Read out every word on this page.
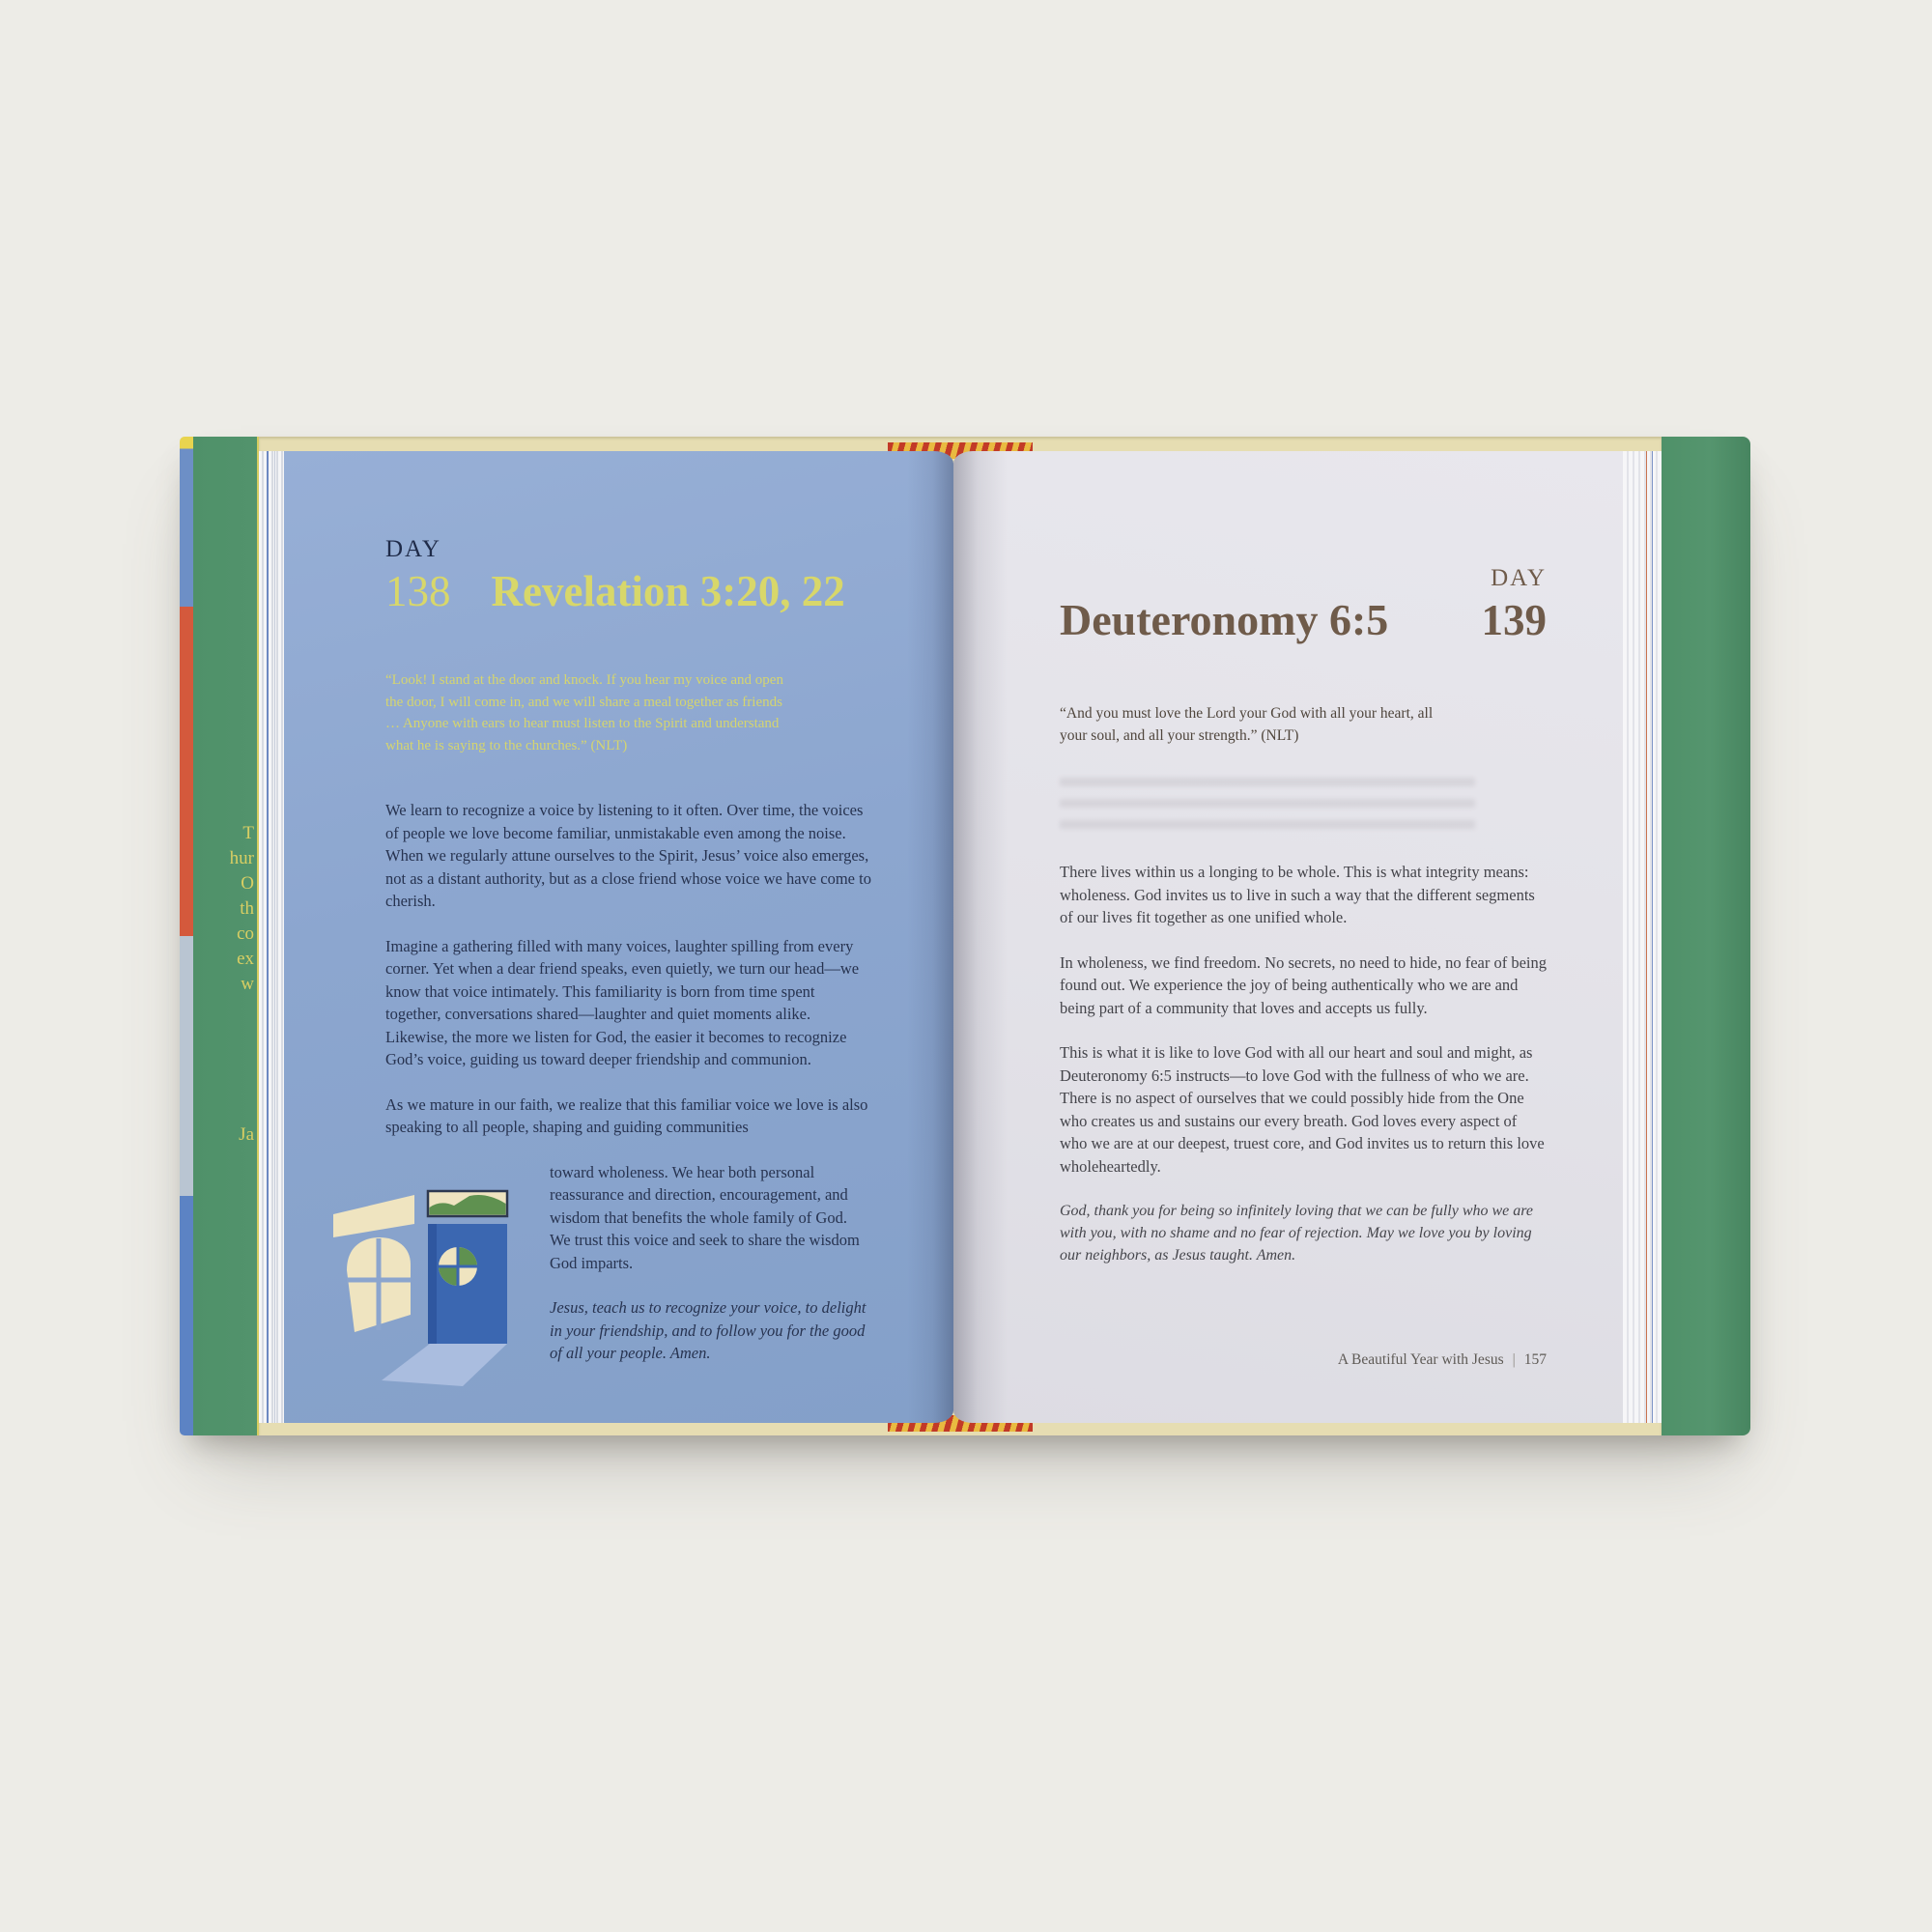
T
hur
O
th
co
ex
w
Ja
DAY
138 Revelation 3:20, 22

“Look! I stand at the door and knock. If you hear my voice and open the door, I will come in, and we will share a meal together as friends … Anyone with ears to hear must listen to the Spirit and understand what he is saying to the churches.” (NLT)

We learn to recognize a voice by listening to it often. Over time, the voices of people we love become familiar, unmistakable even among the noise. When we regularly attune ourselves to the Spirit, Jesus’ voice also emerges, not as a distant authority, but as a close friend whose voice we have come to cherish.

Imagine a gathering filled with many voices, laughter spilling from every corner. Yet when a dear friend speaks, even quietly, we turn our head—we know that voice intimately. This familiarity is born from time spent together, conversations shared—laughter and quiet moments alike. Likewise, the more we listen for God, the easier it becomes to recognize God’s voice, guiding us toward deeper friendship and communion.

As we mature in our faith, we realize that this familiar voice we love is also speaking to all people, shaping and guiding communities

toward wholeness. We hear both personal reassurance and direction, encouragement, and wisdom that benefits the whole family of God. We trust this voice and seek to share the wisdom God imparts.

Jesus, teach us to recognize your voice, to delight in your friendship, and to follow you for the good of all your people. Amen.

Deuteronomy 6:5
DAY
139

“And you must love the Lord your God with all your heart, all your soul, and all your strength.” (NLT)

There lives within us a longing to be whole. This is what integrity means: wholeness. God invites us to live in such a way that the different segments of our lives fit together as one unified whole.

In wholeness, we find freedom. No secrets, no need to hide, no fear of being found out. We experience the joy of being authentically who we are and being part of a community that loves and accepts us fully.

This is what it is like to love God with all our heart and soul and might, as Deuteronomy 6:5 instructs—to love God with the fullness of who we are. There is no aspect of ourselves that we could possibly hide from the One who creates us and sustains our every breath. God loves every aspect of who we are at our deepest, truest core, and God invites us to return this love wholeheartedly.

God, thank you for being so infinitely loving that we can be fully who we are with you, with no shame and no fear of rejection. May we love you by loving our neighbors, as Jesus taught. Amen.

A Beautiful Year with Jesus | 157
